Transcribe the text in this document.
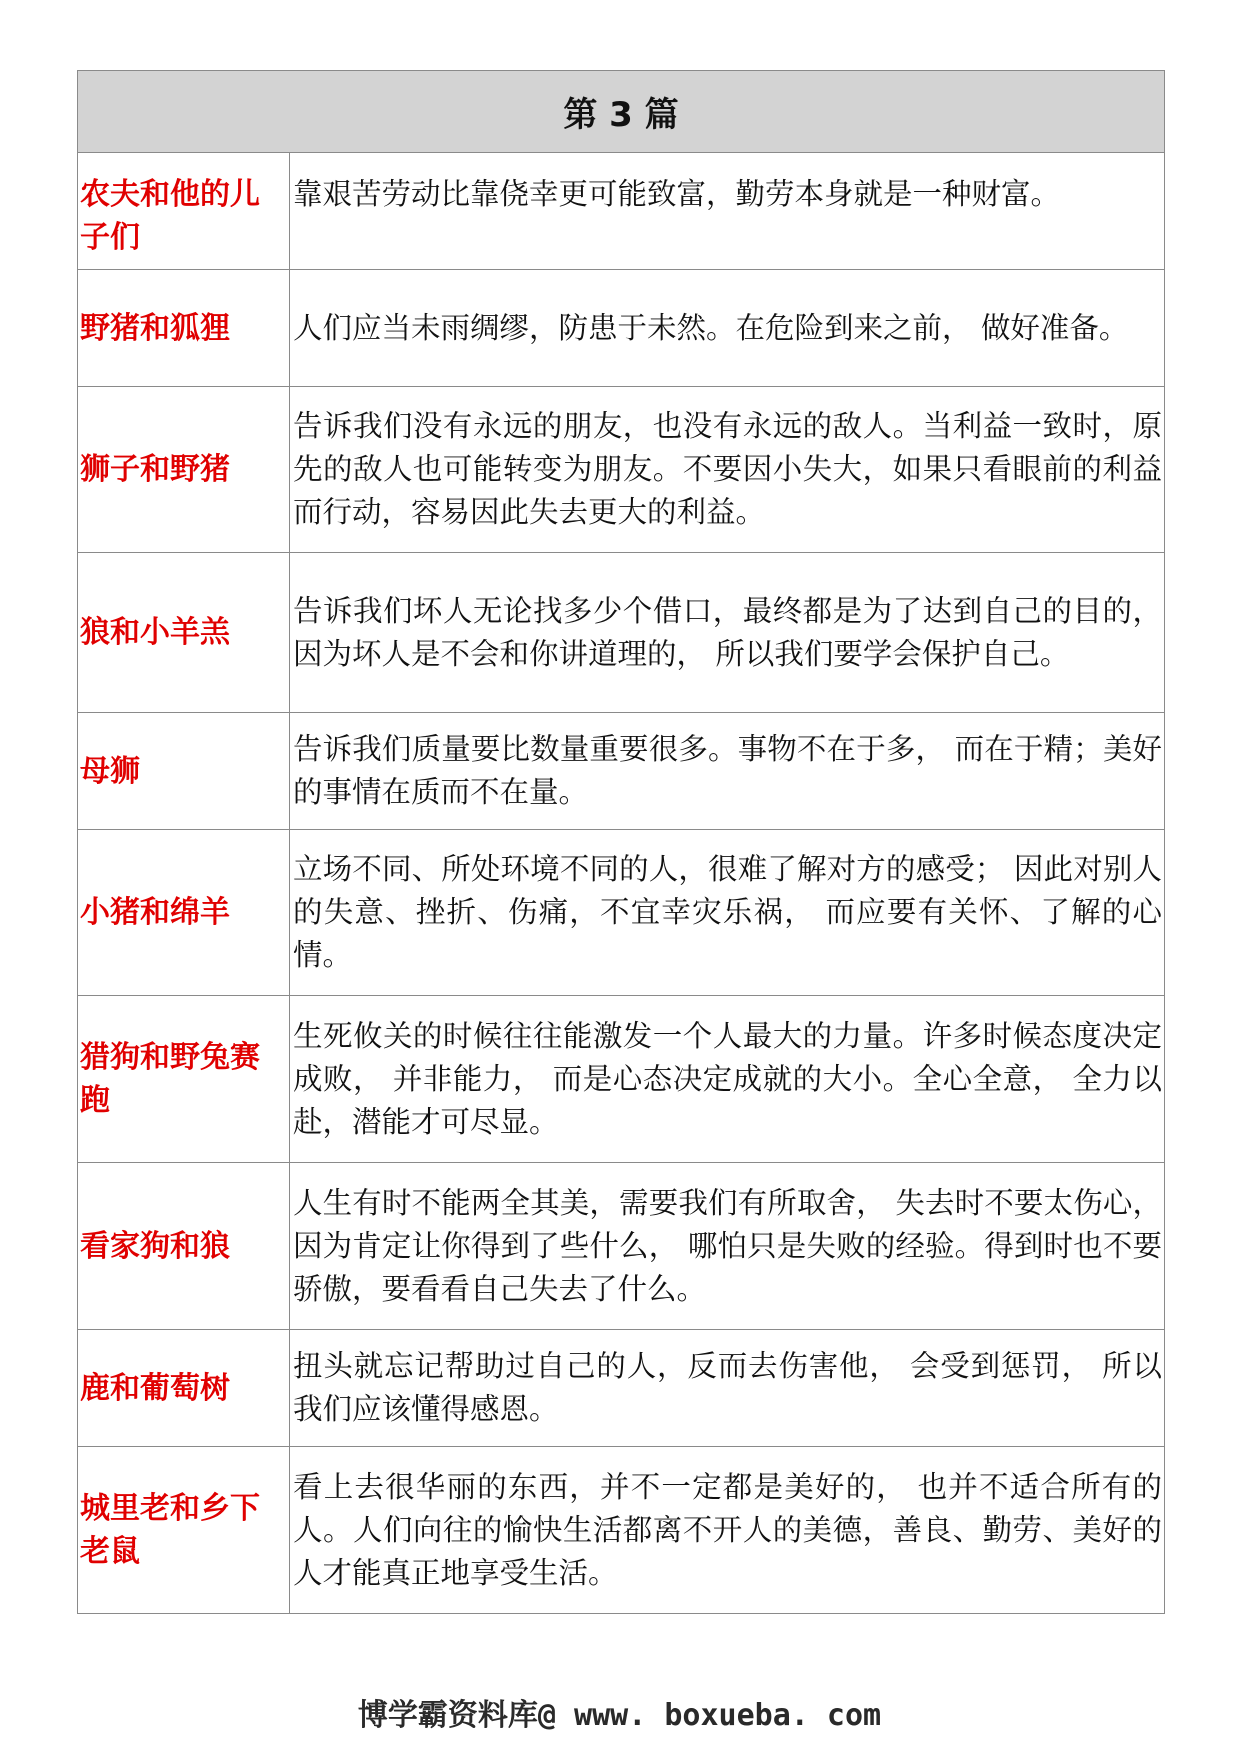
第 3 篇	
农夫和他的儿子们	靠艰苦劳动比靠侥幸更可能致富，勤劳本身就是一种财富。
野猪和狐狸	人们应当未雨绸缪，防患于未然。在危险到来之前， 做好准备。
狮子和野猪	告诉我们没有永远的朋友，也没有永远的敌人。当利益一致时，原先的敌人也可能转变为朋友。不要因小失大，如果只看眼前的利益而行动，容易因此失去更大的利益。
狼和小羊羔	告诉我们坏人无论找多少个借口，最终都是为了达到自己的目的，因为坏人是不会和你讲道理的， 所以我们要学会保护自己。
母狮	告诉我们质量要比数量重要很多。事物不在于多， 而在于精；美好的事情在质而不在量。
小猪和绵羊	立场不同、所处环境不同的人，很难了解对方的感受； 因此对别人的失意、挫折、伤痛，不宜幸灾乐祸， 而应要有关怀、了解的心情。
猎狗和野兔赛跑	生死攸关的时候往往能激发一个人最大的力量。许多时候态度决定成败， 并非能力， 而是心态决定成就的大小。全心全意， 全力以赴，潜能才可尽显。
看家狗和狼	人生有时不能两全其美，需要我们有所取舍， 失去时不要太伤心，因为肯定让你得到了些什么， 哪怕只是失败的经验。得到时也不要骄傲，要看看自己失去了什么。
鹿和葡萄树	扭头就忘记帮助过自己的人，反而去伤害他， 会受到惩罚， 所以我们应该懂得感恩。
城里老和乡下老鼠	看上去很华丽的东西，并不一定都是美好的， 也并不适合所有的人。人们向往的愉快生活都离不开人的美德，善良、勤劳、美好的人才能真正地享受生活。
博学霸资料库@ www. boxueba. com
